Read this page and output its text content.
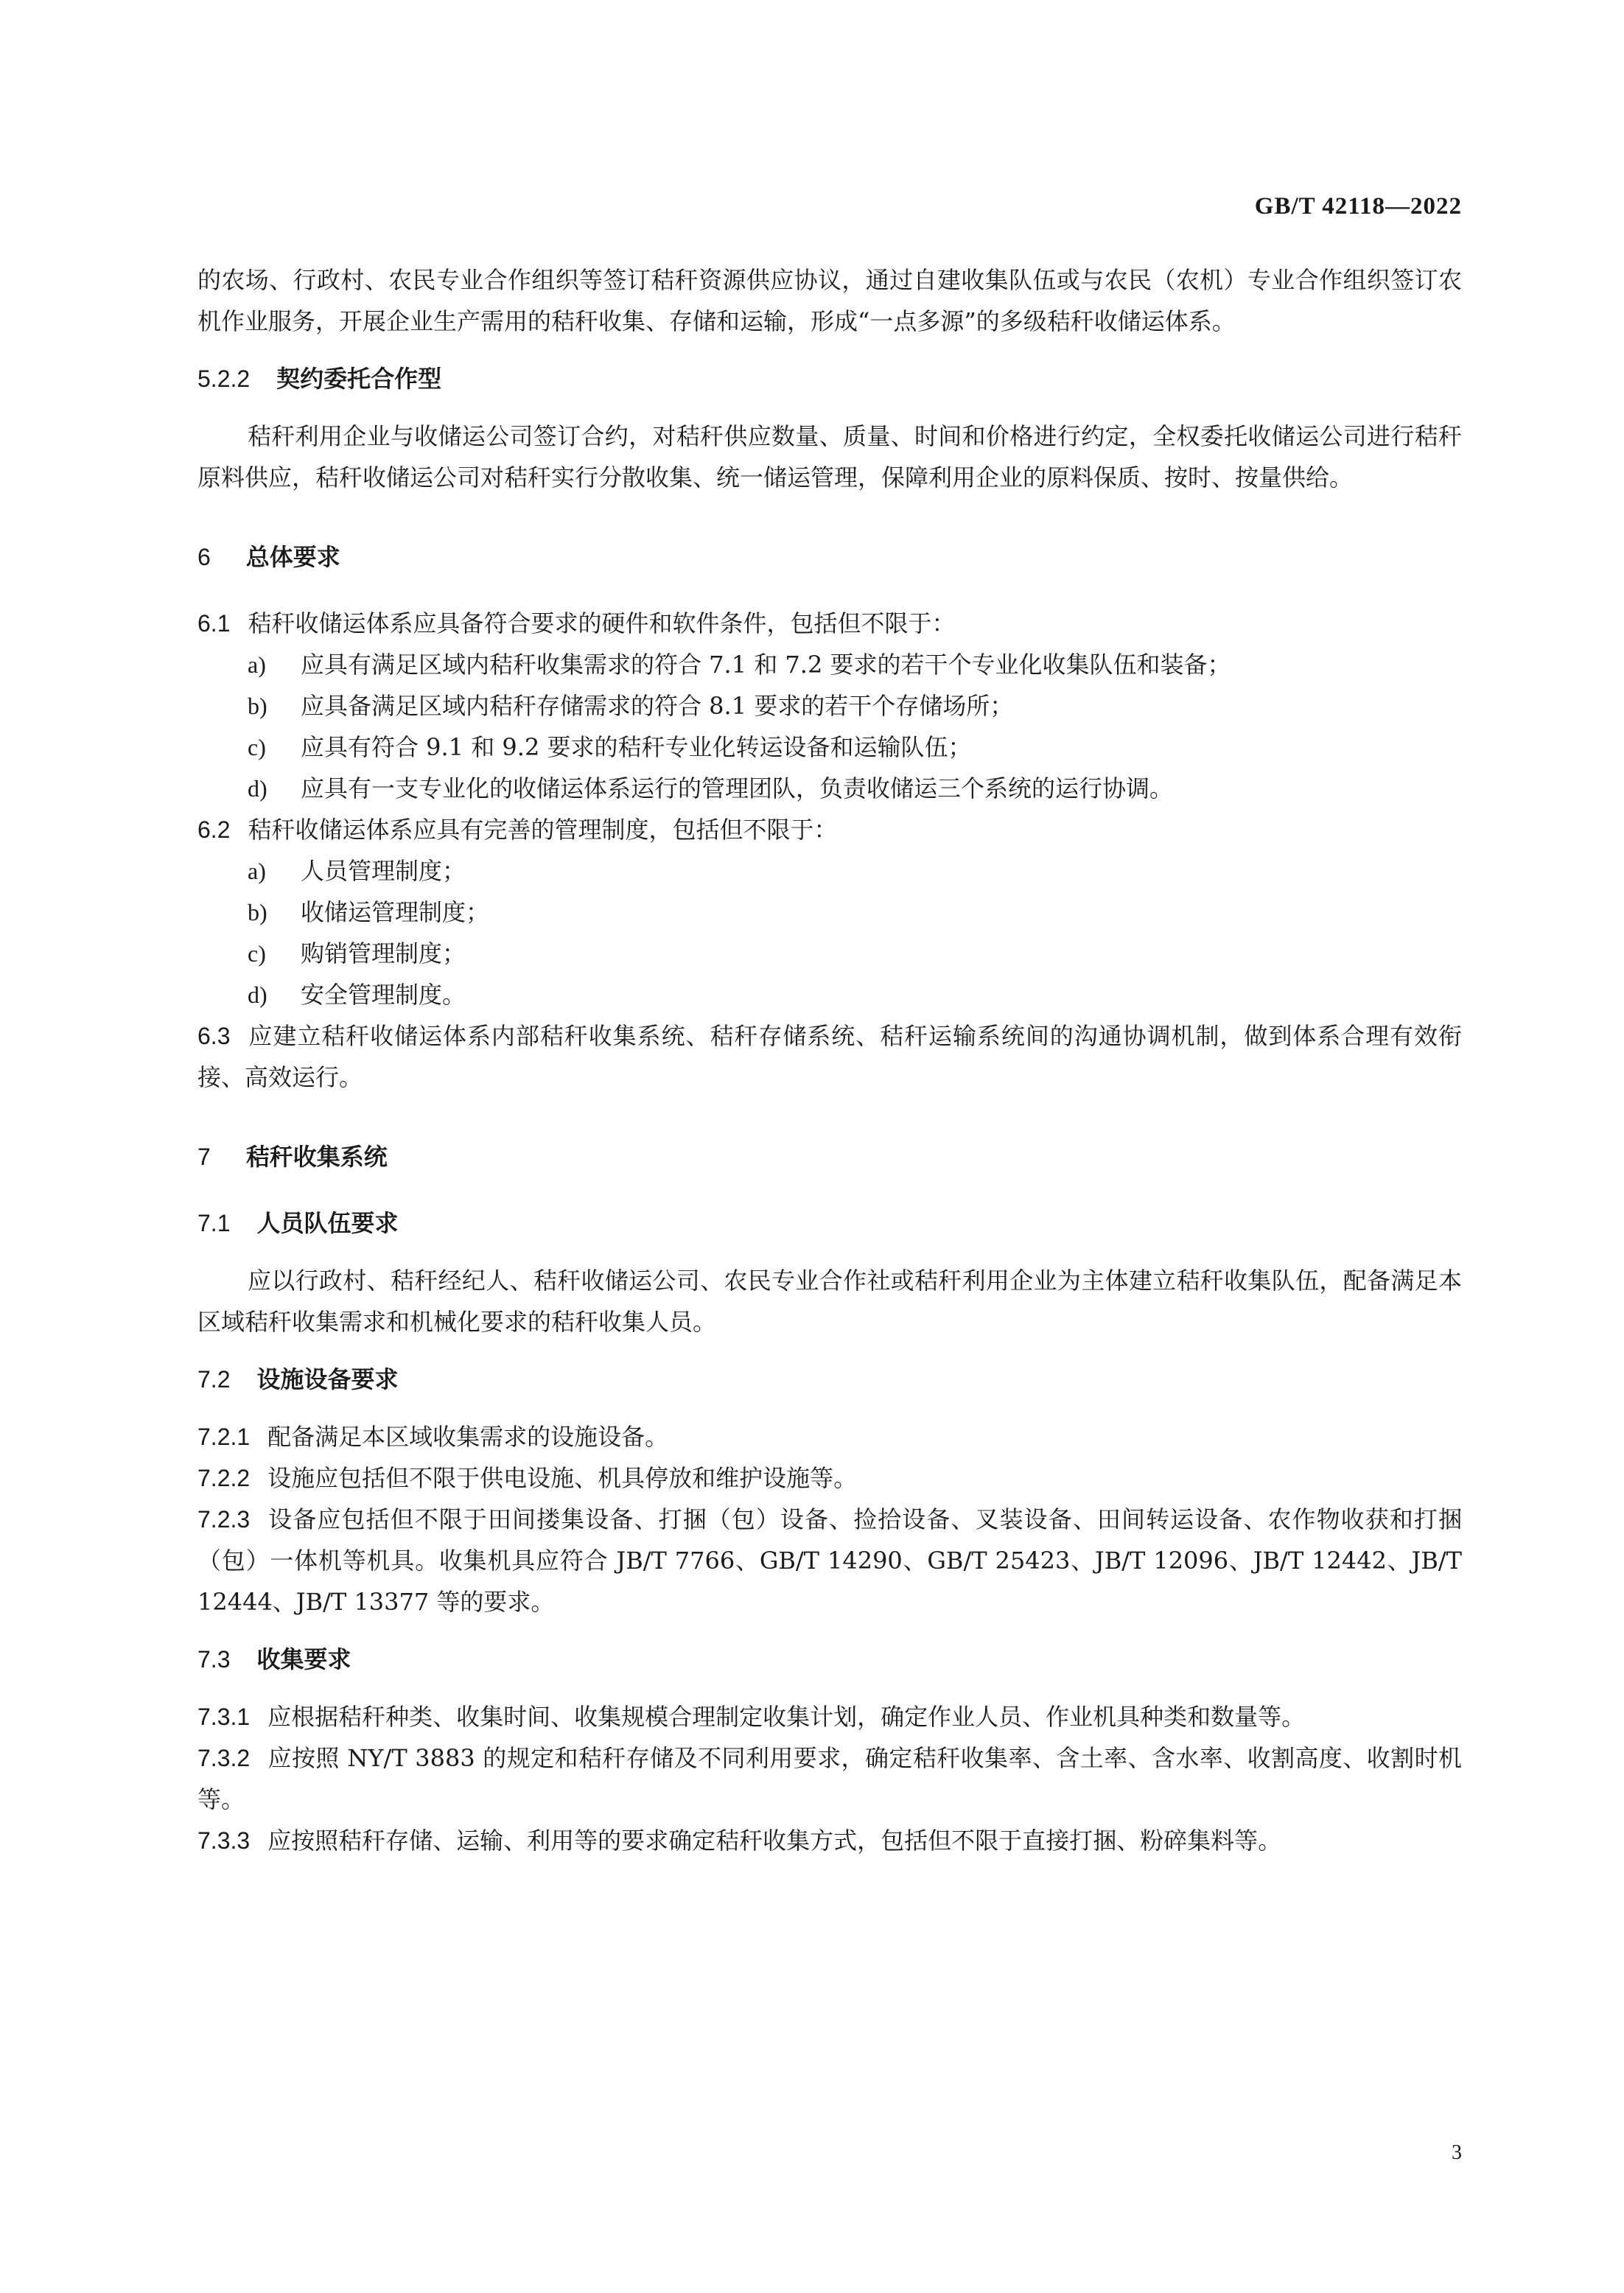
GB/T 42118—2022

的农场、行政村、农民专业合作组织等签订秸秆资源供应协议，通过自建收集队伍或与农民（农机）专业合作组织签订农机作业服务，开展企业生产需用的秸秆收集、存储和运输，形成“一点多源”的多级秸秆收储运体系。

5.2.2 契约委托合作型

秸秆利用企业与收储运公司签订合约，对秸秆供应数量、质量、时间和价格进行约定，全权委托收储运公司进行秸秆原料供应，秸秆收储运公司对秸秆实行分散收集、统一储运管理，保障利用企业的原料保质、按时、按量供给。

6 总体要求

6.1 秸秆收储运体系应具备符合要求的硬件和软件条件，包括但不限于：

a) 应具有满足区域内秸秆收集需求的符合 7.1 和 7.2 要求的若干个专业化收集队伍和装备；

b) 应具备满足区域内秸秆存储需求的符合 8.1 要求的若干个存储场所；

c) 应具有符合 9.1 和 9.2 要求的秸秆专业化转运设备和运输队伍；

d) 应具有一支专业化的收储运体系运行的管理团队，负责收储运三个系统的运行协调。

6.2 秸秆收储运体系应具有完善的管理制度，包括但不限于：

a) 人员管理制度；

b) 收储运管理制度；

c) 购销管理制度；

d) 安全管理制度。

6.3 应建立秸秆收储运体系内部秸秆收集系统、秸秆存储系统、秸秆运输系统间的沟通协调机制，做到体系合理有效衔接、高效运行。

7 秸秆收集系统

7.1 人员队伍要求

应以行政村、秸秆经纪人、秸秆收储运公司、农民专业合作社或秸秆利用企业为主体建立秸秆收集队伍，配备满足本区域秸秆收集需求和机械化要求的秸秆收集人员。

7.2 设施设备要求

7.2.1 配备满足本区域收集需求的设施设备。

7.2.2 设施应包括但不限于供电设施、机具停放和维护设施等。

7.2.3 设备应包括但不限于田间搂集设备、打捆（包）设备、捡拾设备、叉装设备、田间转运设备、农作物收获和打捆（包）一体机等机具。收集机具应符合 JB/T 7766、GB/T 14290、GB/T 25423、JB/T 12096、JB/T 12442、JB/T 12444、JB/T 13377 等的要求。

7.3 收集要求

7.3.1 应根据秸秆种类、收集时间、收集规模合理制定收集计划，确定作业人员、作业机具种类和数量等。

7.3.2 应按照 NY/T 3883 的规定和秸秆存储及不同利用要求，确定秸秆收集率、含土率、含水率、收割高度、收割时机等。

7.3.3 应按照秸秆存储、运输、利用等的要求确定秸秆收集方式，包括但不限于直接打捆、粉碎集料等。

3
